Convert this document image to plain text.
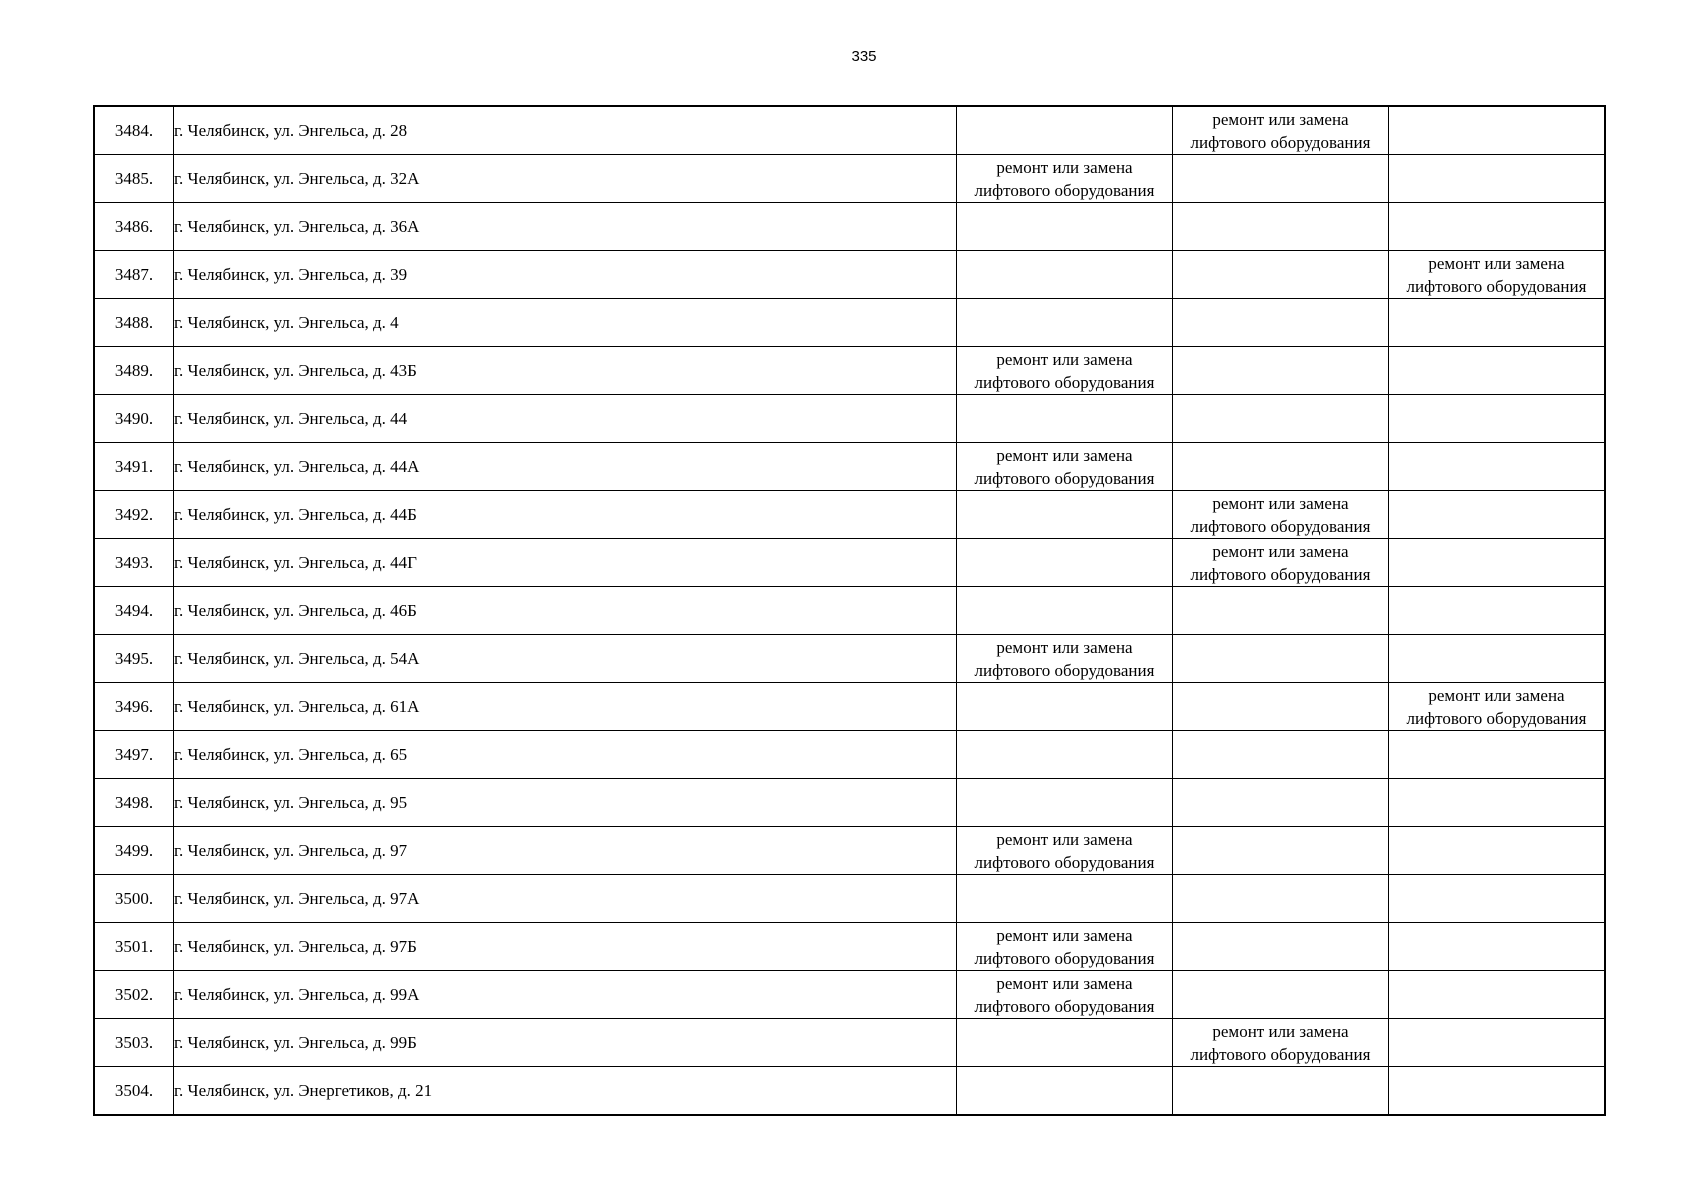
335
3484.	г. Челябинск, ул. Энгельса, д. 28		ремонт или замена лифтового оборудования	
3485.	г. Челябинск, ул. Энгельса, д. 32А	ремонт или замена лифтового оборудования		
3486.	г. Челябинск, ул. Энгельса, д. 36А			
3487.	г. Челябинск, ул. Энгельса, д. 39			ремонт или замена лифтового оборудования
3488.	г. Челябинск, ул. Энгельса, д. 4			
3489.	г. Челябинск, ул. Энгельса, д. 43Б	ремонт или замена лифтового оборудования		
3490.	г. Челябинск, ул. Энгельса, д. 44			
3491.	г. Челябинск, ул. Энгельса, д. 44А	ремонт или замена лифтового оборудования		
3492.	г. Челябинск, ул. Энгельса, д. 44Б		ремонт или замена лифтового оборудования	
3493.	г. Челябинск, ул. Энгельса, д. 44Г		ремонт или замена лифтового оборудования	
3494.	г. Челябинск, ул. Энгельса, д. 46Б			
3495.	г. Челябинск, ул. Энгельса, д. 54А	ремонт или замена лифтового оборудования		
3496.	г. Челябинск, ул. Энгельса, д. 61А			ремонт или замена лифтового оборудования
3497.	г. Челябинск, ул. Энгельса, д. 65			
3498.	г. Челябинск, ул. Энгельса, д. 95			
3499.	г. Челябинск, ул. Энгельса, д. 97	ремонт или замена лифтового оборудования		
3500.	г. Челябинск, ул. Энгельса, д. 97А			
3501.	г. Челябинск, ул. Энгельса, д. 97Б	ремонт или замена лифтового оборудования		
3502.	г. Челябинск, ул. Энгельса, д. 99А	ремонт или замена лифтового оборудования		
3503.	г. Челябинск, ул. Энгельса, д. 99Б		ремонт или замена лифтового оборудования	
3504.	г. Челябинск, ул. Энергетиков, д. 21			
